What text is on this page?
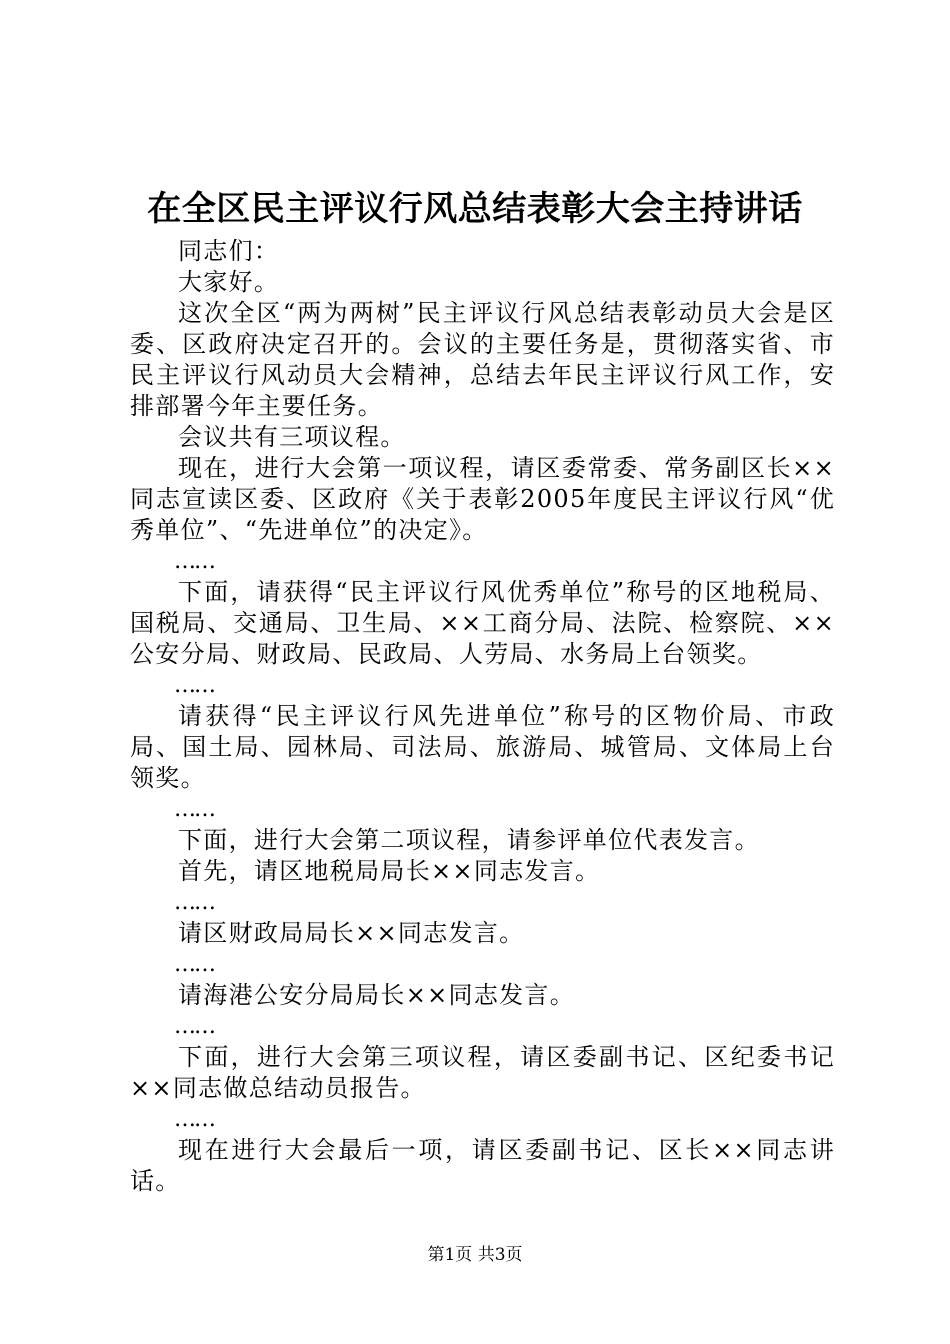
在全区民主评议行风总结表彰大会主持讲话

同志们：

大家好。

这次全区“两为两树”民主评议行风总结表彰动员大会是区委、区政府决定召开的。会议的主要任务是，贯彻落实省、市民主评议行风动员大会精神，总结去年民主评议行风工作，安排部署今年主要任务。

会议共有三项议程。

现在，进行大会第一项议程，请区委常委、常务副区长××同志宣读区委、区政府《关于表彰2005年度民主评议行风“优秀单位”、“先进单位”的决定》。

……

下面，请获得“民主评议行风优秀单位”称号的区地税局、国税局、交通局、卫生局、××工商分局、法院、检察院、××公安分局、财政局、民政局、人劳局、水务局上台领奖。

……

请获得“民主评议行风先进单位”称号的区物价局、市政局、国土局、园林局、司法局、旅游局、城管局、文体局上台领奖。

……

下面，进行大会第二项议程，请参评单位代表发言。

首先，请区地税局局长××同志发言。

……

请区财政局局长××同志发言。

……

请海港公安分局局长××同志发言。

……

下面，进行大会第三项议程，请区委副书记、区纪委书记××同志做总结动员报告。

……

现在进行大会最后一项，请区委副书记、区长××同志讲话。

第1页 共3页
